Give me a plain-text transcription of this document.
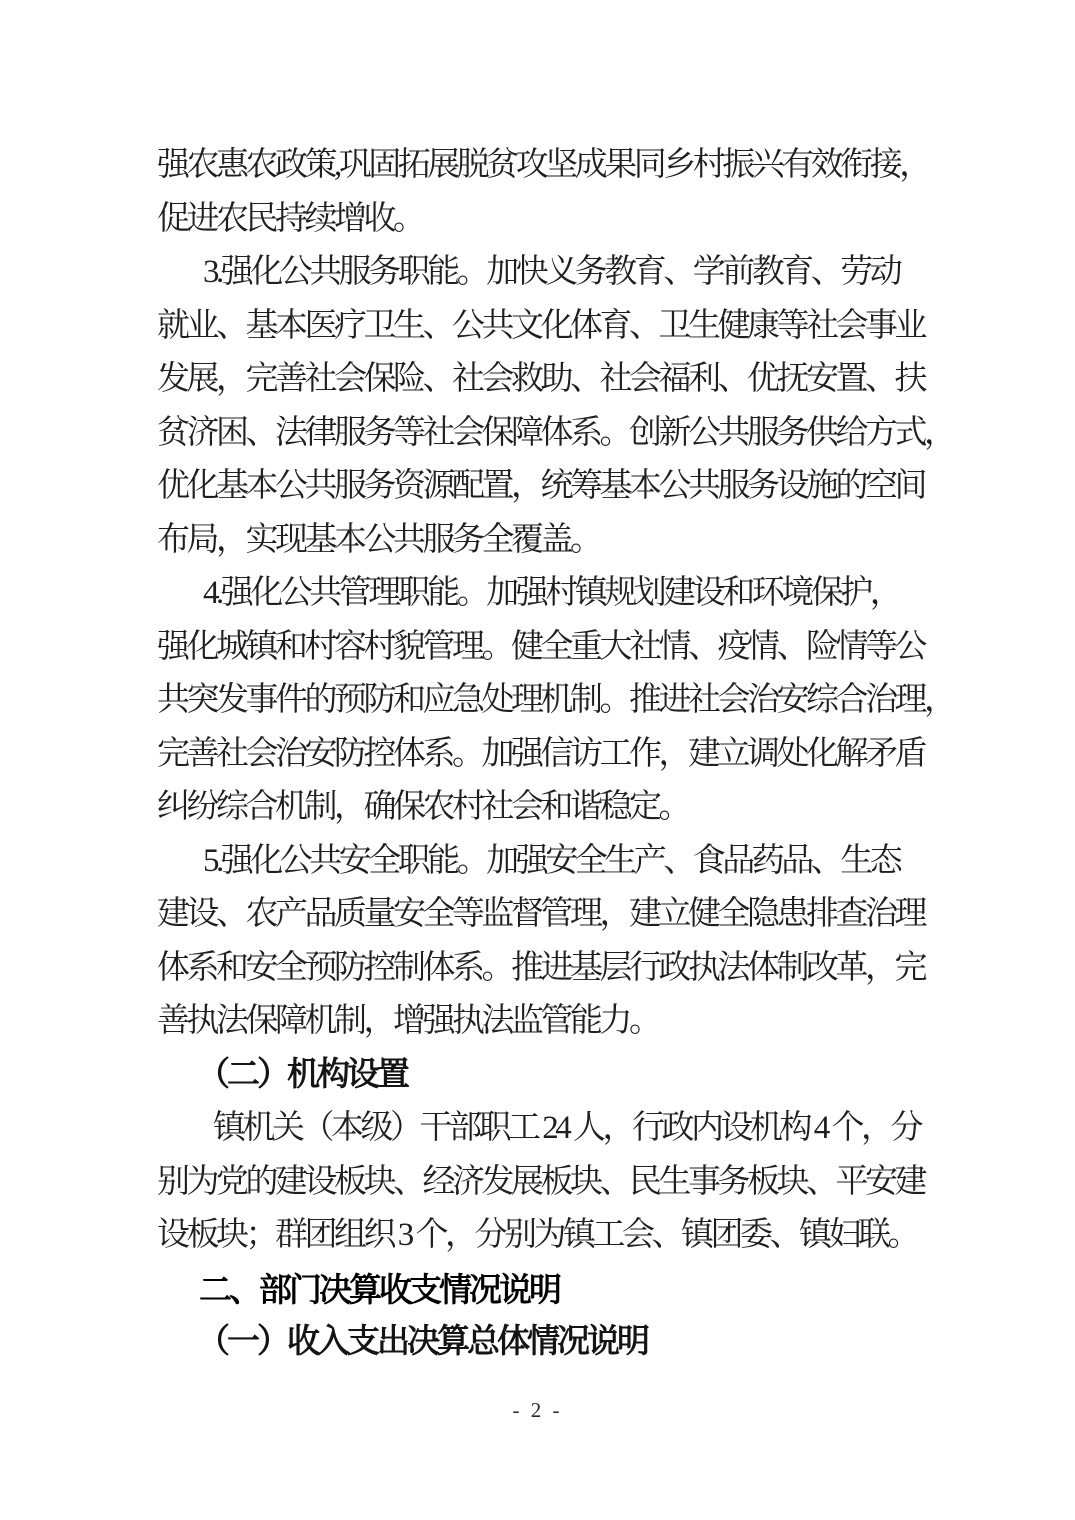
强农惠农政策,巩固拓展脱贫攻坚成果同乡村振兴有效衔接，
促进农民持续增收。
3.强化公共服务职能。加快义务教育、学前教育、劳动
就业、基本医疗卫生、公共文化体育、卫生健康等社会事业
发展，完善社会保险、社会救助、社会福利、优抚安置、扶
贫济困、法律服务等社会保障体系。创新公共服务供给方式，
优化基本公共服务资源配置，统筹基本公共服务设施的空间
布局，实现基本公共服务全覆盖。
4.强化公共管理职能。加强村镇规划建设和环境保护，
强化城镇和村容村貌管理。健全重大社情、疫情、险情等公
共突发事件的预防和应急处理机制。推进社会治安综合治理，
完善社会治安防控体系。加强信访工作，建立调处化解矛盾
纠纷综合机制，确保农村社会和谐稳定。
5.强化公共安全职能。加强安全生产、食品药品、生态
建设、农产品质量安全等监督管理，建立健全隐患排查治理
体系和安全预防控制体系。推进基层行政执法体制改革，完
善执法保障机制，增强执法监管能力。
（二）机构设置
镇机关（本级）干部职工 24 人，行政内设机构 4 个，分
别为党的建设板块、经济发展板块、民生事务板块、平安建
设板块；群团组织 3 个，分别为镇工会、镇团委、镇妇联。
二、部门决算收支情况说明
（一）收入支出决算总体情况说明
- 2 -
